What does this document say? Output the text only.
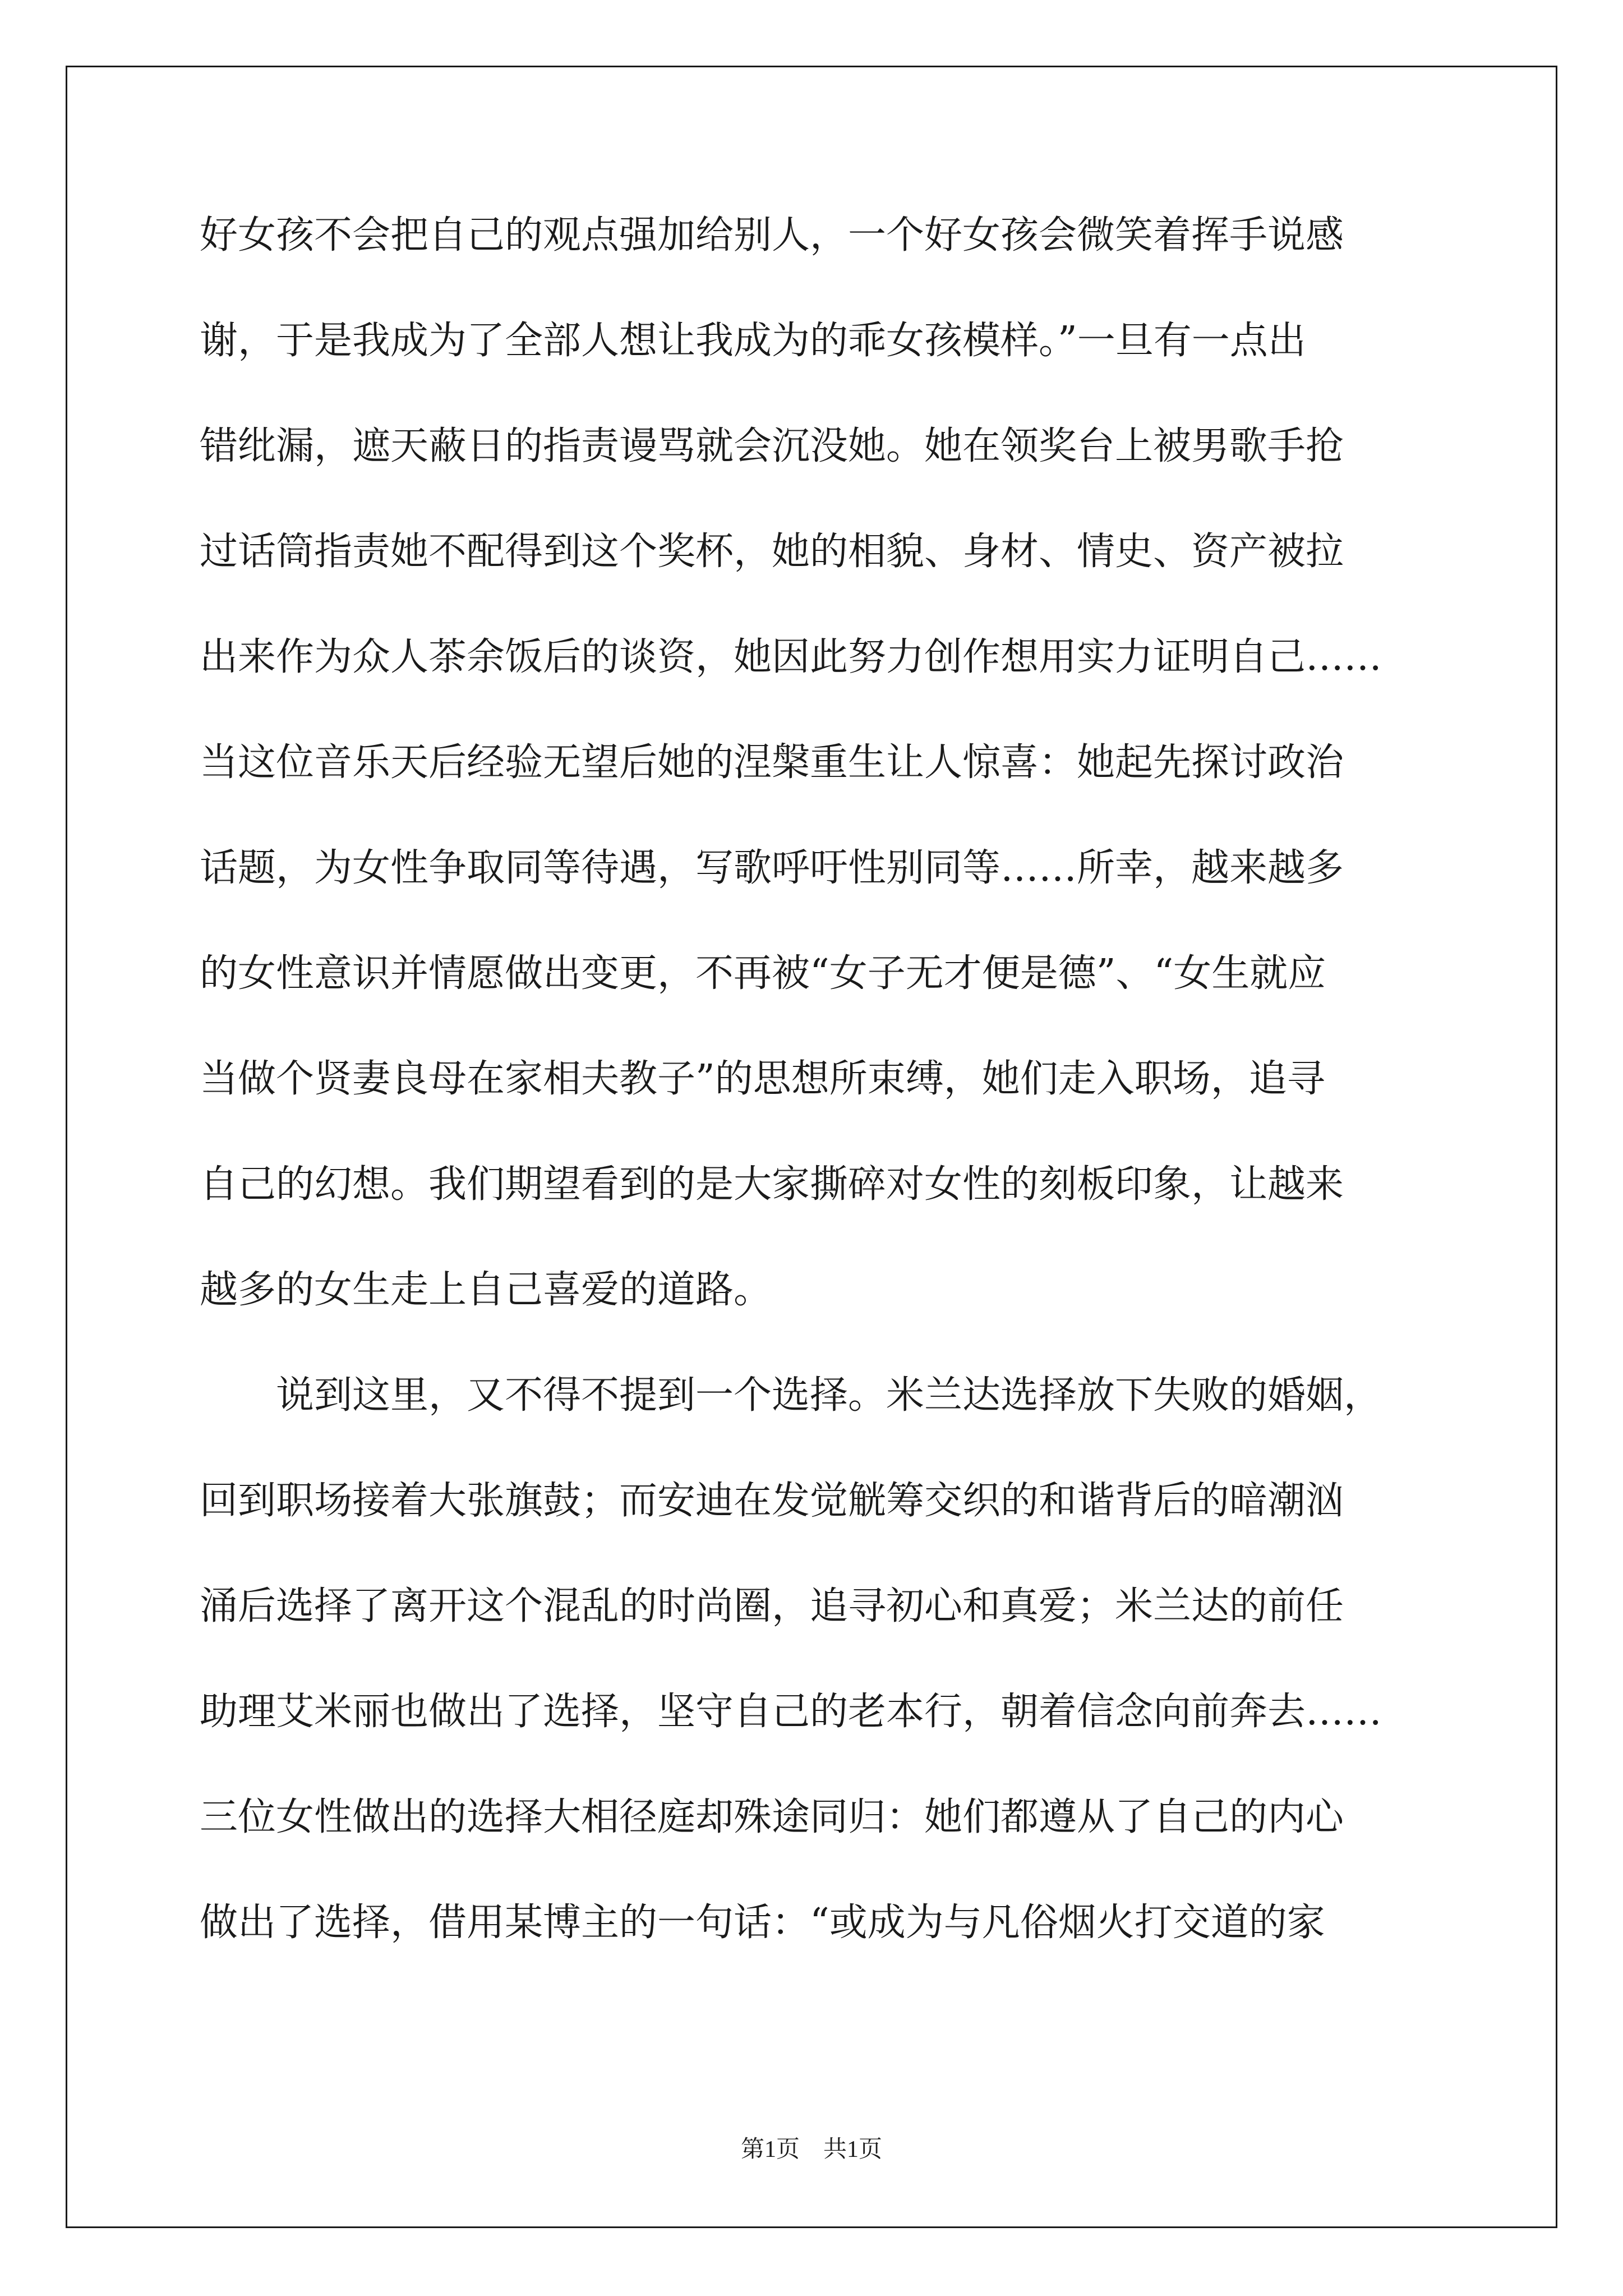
好女孩不会把自己的观点强加给别人，一个好女孩会微笑着挥手说感
谢，于是我成为了全部人想让我成为的乖女孩模样。”一旦有一点出
错纰漏，遮天蔽日的指责谩骂就会沉没她。她在领奖台上被男歌手抢
过话筒指责她不配得到这个奖杯，她的相貌、身材、情史、资产被拉
出来作为众人茶余饭后的谈资，她因此努力创作想用实力证明自己……
当这位音乐天后经验无望后她的涅槃重生让人惊喜：她起先探讨政治
话题，为女性争取同等待遇，写歌呼吁性别同等……所幸，越来越多
的女性意识并情愿做出变更，不再被“女子无才便是德”、“女生就应
当做个贤妻良母在家相夫教子”的思想所束缚，她们走入职场，追寻
自己的幻想。我们期望看到的是大家撕碎对女性的刻板印象，让越来
越多的女生走上自己喜爱的道路。
说到这里，又不得不提到一个选择。米兰达选择放下失败的婚姻，
回到职场接着大张旗鼓；而安迪在发觉觥筹交织的和谐背后的暗潮汹
涌后选择了离开这个混乱的时尚圈，追寻初心和真爱；米兰达的前任
助理艾米丽也做出了选择，坚守自己的老本行，朝着信念向前奔去……
三位女性做出的选择大相径庭却殊途同归：她们都遵从了自己的内心
做出了选择，借用某博主的一句话：“或成为与凡俗烟火打交道的家
第1页　共1页
